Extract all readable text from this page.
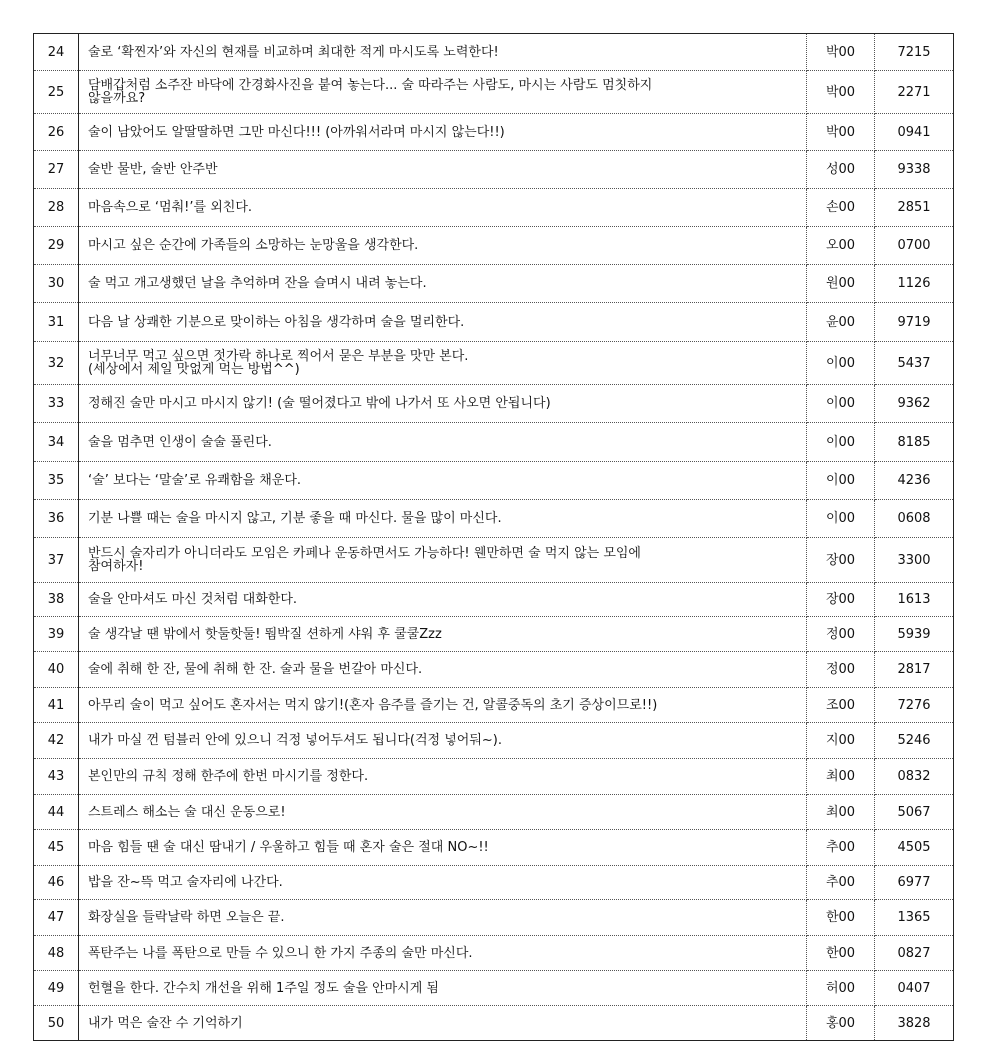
24	술로 ‘확찐자’와 자신의 현재를 비교하며 최대한 적게 마시도록 노력한다!	박00	7215
25	담배갑처럼 소주잔 바닥에 간경화사진을 붙여 놓는다... 술 따라주는 사람도, 마시는 사람도 멈칫하지
않을까요?	박00	2271
26	술이 남았어도 알딸딸하면 그만 마신다!!! (아까워서라며 마시지 않는다!!)	박00	0941
27	술반 물반, 술반 안주반	성00	9338
28	마음속으로 ‘멈춰!’를 외친다.	손00	2851
29	마시고 싶은 순간에 가족들의 소망하는 눈망울을 생각한다.	오00	0700
30	술 먹고 개고생했던 날을 추억하며 잔을 슬며시 내려 놓는다.	원00	1126
31	다음 날 상쾌한 기분으로 맞이하는 아침을 생각하며 술을 멀리한다.	윤00	9719
32	너무너무 먹고 싶으면 젓가락 하나로 찍어서 묻은 부분을 맛만 본다.
(세상에서 제일 맛없게 먹는 방법^^)	이00	5437
33	정해진 술만 마시고 마시지 않기! (술 떨어졌다고 밖에 나가서 또 사오면 안됩니다)	이00	9362
34	술을 멈추면 인생이 술술 풀린다.	이00	8185
35	‘술’ 보다는 ‘말술’로 유쾌함을 채운다.	이00	4236
36	기분 나쁠 때는 술을 마시지 않고, 기분 좋을 때 마신다. 물을 많이 마신다.	이00	0608
37	반드시 술자리가 아니더라도 모임은 카페나 운동하면서도 가능하다! 웬만하면 술 먹지 않는 모임에
참여하자!	장00	3300
38	술을 안마셔도 마신 것처럼 대화한다.	장00	1613
39	술 생각날 땐 밖에서 핫둘핫둘! 뛈박질 션하게 샤워 후 쿨쿨Zzz	정00	5939
40	술에 취해 한 잔, 물에 취해 한 잔. 술과 물을 번갈아 마신다.	정00	2817
41	아무리 술이 먹고 싶어도 혼자서는 먹지 않기!(혼자 음주를 즐기는 건, 알콜중독의 초기 증상이므로!!)	조00	7276
42	내가 마실 껀 텀블러 안에 있으니 걱정 넣어두셔도 됩니다(걱정 넣어둬~).	지00	5246
43	본인만의 규칙 정해 한주에 한번 마시기를 정한다.	최00	0832
44	스트레스 해소는 술 대신 운동으로!	최00	5067
45	마음 힘들 땐 술 대신 땀내기 / 우울하고 힘들 때 혼자 술은 절대 NO~!!	추00	4505
46	밥을 잔~뜩 먹고 술자리에 나간다.	추00	6977
47	화장실을 들락날락 하면 오늘은 끝.	한00	1365
48	폭탄주는 나를 폭탄으로 만들 수 있으니 한 가지 주종의 술만 마신다.	한00	0827
49	헌혈을 한다. 간수치 개선을 위해 1주일 정도 술을 안마시게 됨	허00	0407
50	내가 먹은 술잔 수 기억하기	홍00	3828
